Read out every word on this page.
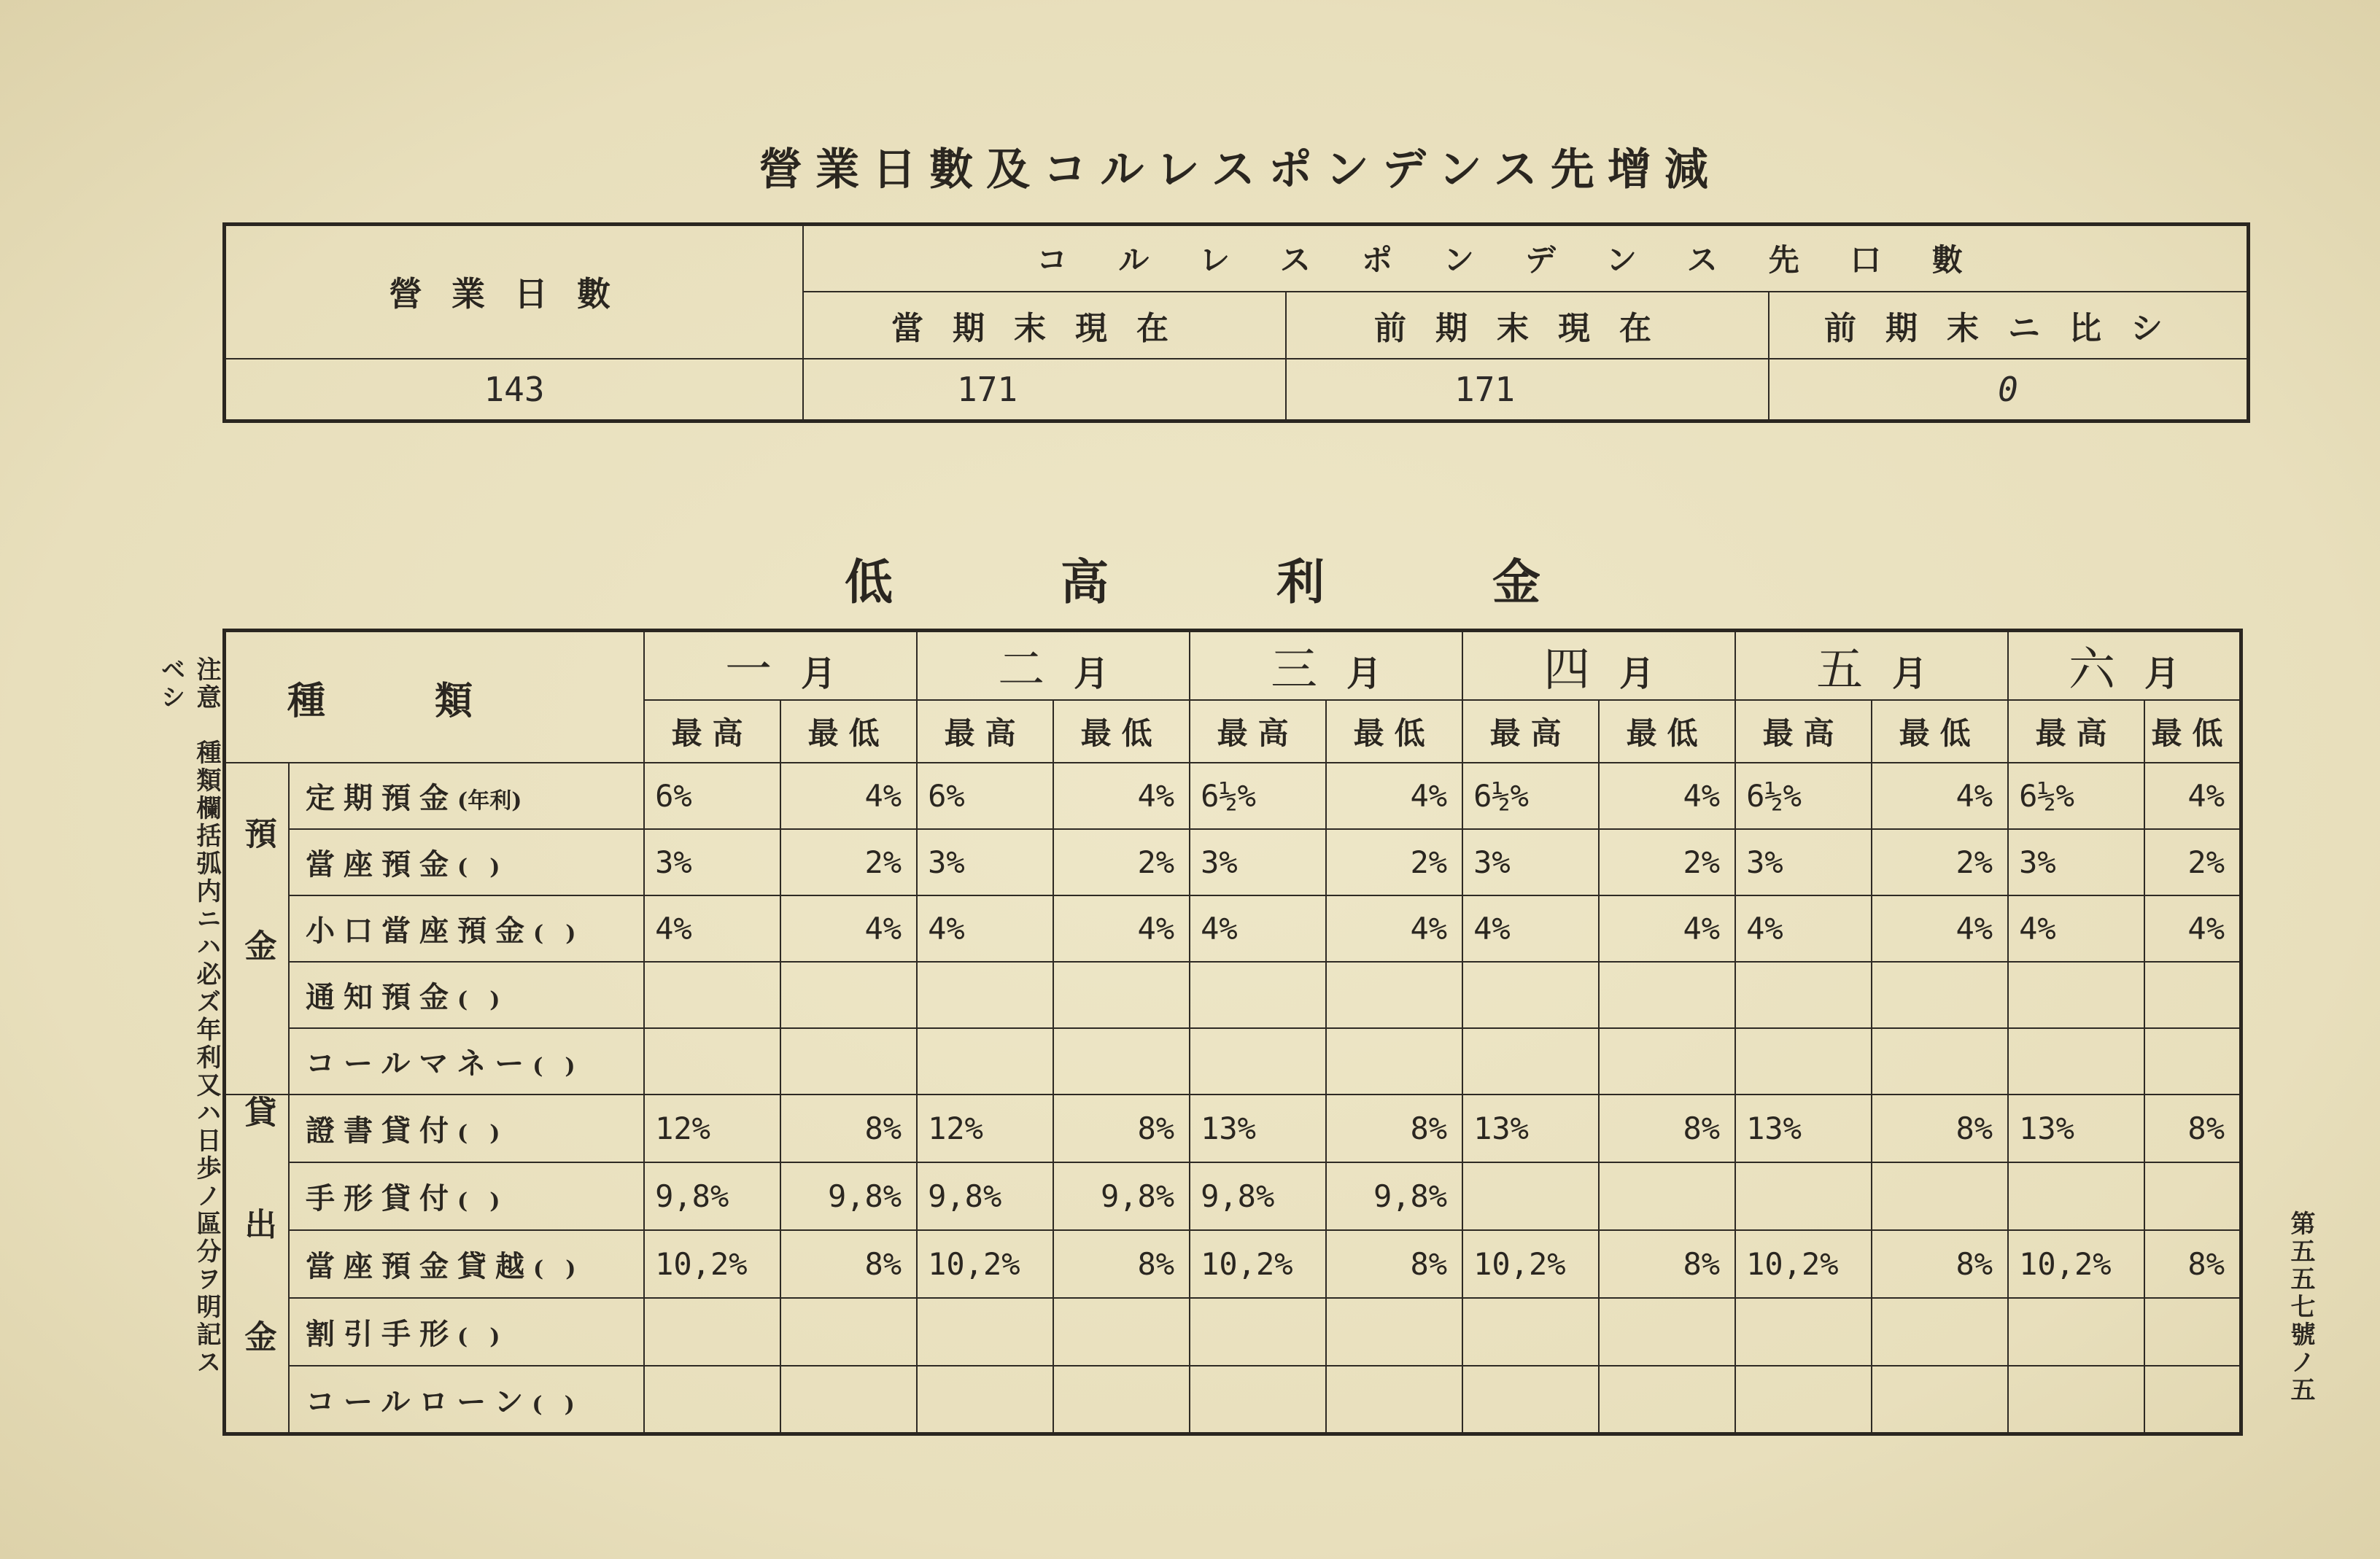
營業日數及コルレスポンデンス先增減
營業日數	コルレスポンデンス先口數		
	當期末現在	前期末現在	前期末ニ比シ
143	171	171	0
低高利金
種類		一 月		二 月		三 月		四 月		五 月		六 月	
		最高	最低	最高	最低	最高	最低	最高	最低	最高	最低	最高	最低
預金	定期預金(年利)	6%	4%	6%	4%	6½%	4%	6½%	4%	6½%	4%	6½%	4%
	當座預金(　)	3%	2%	3%	2%	3%	2%	3%	2%	3%	2%	3%	2%
	小口當座預金(　)	4%	4%	4%	4%	4%	4%	4%	4%	4%	4%	4%	4%
	通知預金(　)												
	コールマネー(　)												
貸出金	證書貸付(　)	12%	8%	12%	8%	13%	8%	13%	8%	13%	8%	13%	8%
	手形貸付(　)	9,8%	9,8%	9,8%	9,8%	9,8%	9,8%						
	當座預金貸越(　)	10,2%	8%	10,2%	8%	10,2%	8%	10,2%	8%	10,2%	8%	10,2%	8%
	割引手形(　)												
	コールローン(　)												
注意　種類欄括弧内ニハ必ズ年利又ハ日歩ノ區分ヲ明記スベシ
第五五七號ノ五
